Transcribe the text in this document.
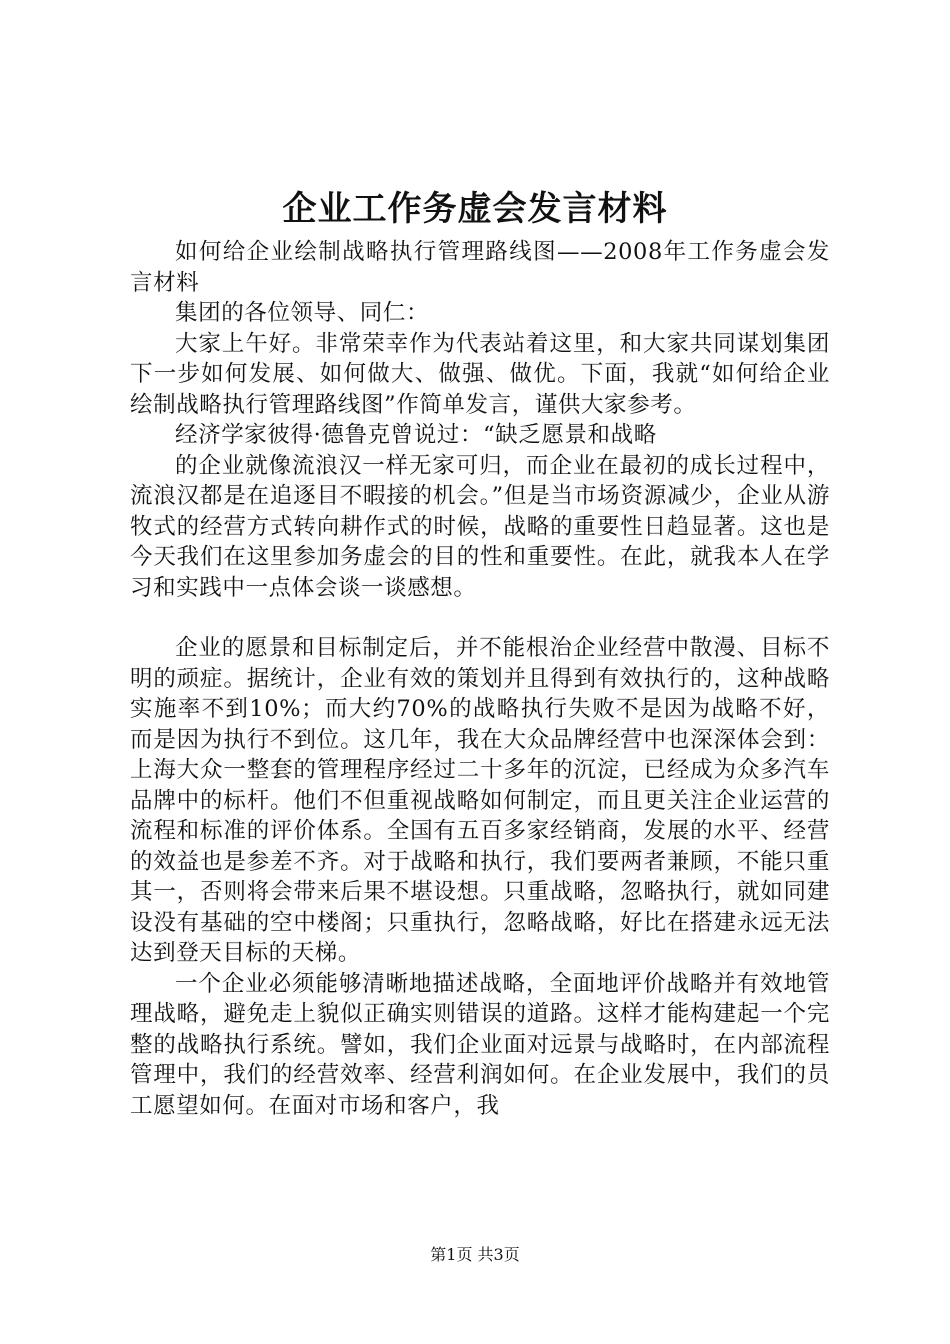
企业工作务虚会发言材料

如何给企业绘制战略执行管理路线图——2008年工作务虚会发言材料

集团的各位领导、同仁：

大家上午好。非常荣幸作为代表站着这里，和大家共同谋划集团下一步如何发展、如何做大、做强、做优。下面，我就“如何给企业绘制战略执行管理路线图”作简单发言，谨供大家参考。

经济学家彼得·德鲁克曾说过：“缺乏愿景和战略

的企业就像流浪汉一样无家可归，而企业在最初的成长过程中，流浪汉都是在追逐目不暇接的机会。”但是当市场资源减少，企业从游牧式的经营方式转向耕作式的时候，战略的重要性日趋显著。这也是今天我们在这里参加务虚会的目的性和重要性。在此，就我本人在学习和实践中一点体会谈一谈感想。

企业的愿景和目标制定后，并不能根治企业经营中散漫、目标不明的顽症。据统计，企业有效的策划并且得到有效执行的，这种战略实施率不到10%；而大约70%的战略执行失败不是因为战略不好，而是因为执行不到位。这几年，我在大众品牌经营中也深深体会到：上海大众一整套的管理程序经过二十多年的沉淀，已经成为众多汽车品牌中的标杆。他们不但重视战略如何制定，而且更关注企业运营的流程和标准的评价体系。全国有五百多家经销商，发展的水平、经营的效益也是参差不齐。对于战略和执行，我们要两者兼顾，不能只重其一，否则将会带来后果不堪设想。只重战略，忽略执行，就如同建设没有基础的空中楼阁；只重执行，忽略战略，好比在搭建永远无法达到登天目标的天梯。

一个企业必须能够清晰地描述战略，全面地评价战略并有效地管理战略，避免走上貌似正确实则错误的道路。这样才能构建起一个完整的战略执行系统。譬如，我们企业面对远景与战略时，在内部流程管理中，我们的经营效率、经营利润如何。在企业发展中，我们的员工愿望如何。在面对市场和客户，我

第1页 共3页
